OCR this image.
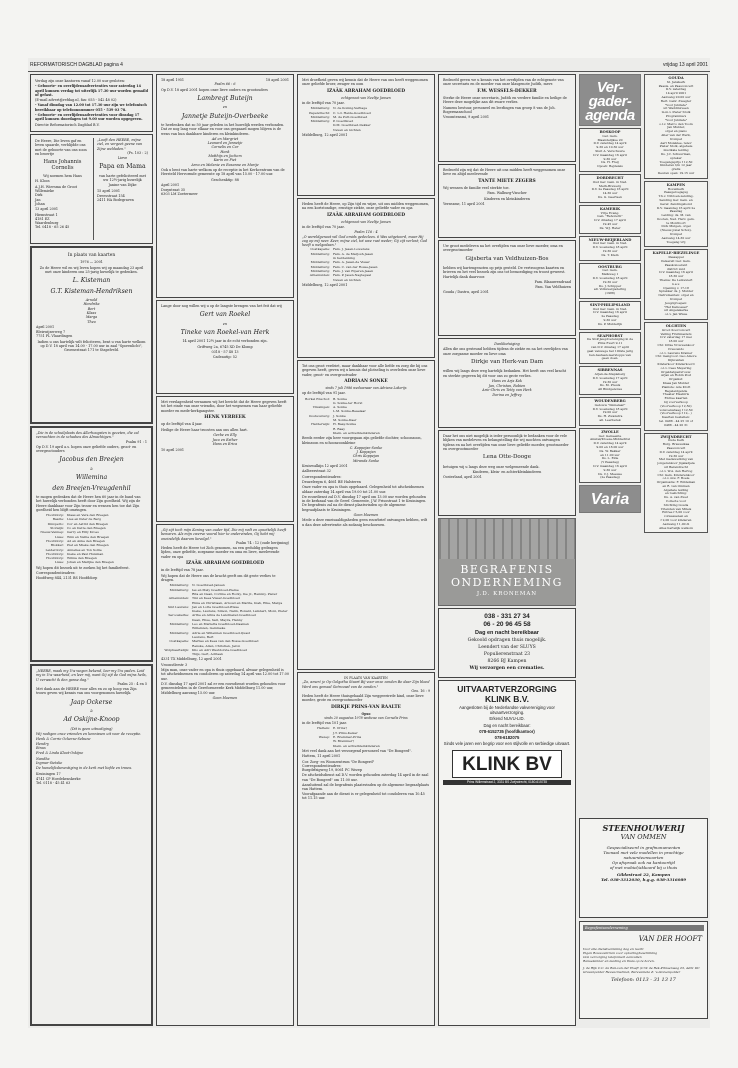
REFORMATORISCH DAGBLAD pagina 4	vrijdag 13 april 2001
Verdag zijn onze kantoren vanaf 12.00 uur gesloten:
- Geboorte- en overlijdensadvertenties voor zaterdag 14 april kunnen verdag tot uiterlijk 17.30 uur worden gemaild of gefaxt.
(E-mail advert@refdag.nl, fax: 055 - 542 48 02)
- Vanaf dinsdag van 12.00 tot 17.30 uur zijn we telefonisch bereikbaar op telefoonnummer 055 - 539 03 78.
- Geboorte- en overlijdensadvertenties voor dinsdag 17 april kunnen doordagen tot 9.00 uur worden opgegeven.
Directie Reformatorisch Dagblad B.V.
De Heere, Die leven gaf en leven spaarde, verblijdde ons met de geboorte van ons zoon en broertje
Hans Johannis Cornelis
Wij noemen hem Hans
H. Kloos
A.J.H. Wiersma de Groot
Willemieke
Dirk
Jan
Johan
13 april 2001
Hiemstraat 1
4181 EZ
Waardenburg
Tel. 0418 - 65 26 45
„Looft den HEERE, mijne ziel, en vergeet geene van Zijne weldaden."
(Ps. 103 : 2)
Lieve
Papa en Mama
van harte gefeliciteerd met uw 12½-jarig huwelijk
Janine van Dijke
15 april 2001
Dreesstraat 154
2411 HA Bodegraven
In plaats van kaarten
1976 — 2001
Zo de Heere wil en wij leven hopen wij op maandag 23 april met onze kinderen ons 25-jarig huwelijk te gedenken.
L. Kisteman
G.T. Kisteman-Hendriksen
Arnold
Hendrika
Bert
Klaas
Marga
Theo
April 2001
Bleiswijzerweg 7
7751 PL Vlaardingen
Indien u ons hartelijk wilt feliciteren, bent u van harte welkom op D.V. 18 april van 14.00 - 17.00 uur in zaal "Sporenlicht", Groenestraat 171 te Stapelveld.
„Die in de schuilplaats des Allerhoogsten is gezeten, die zal vernachten in de schaduw des Almachtigen."
Psalm 91 : 1
Op D.V. 19 april a.s. hopen onze geliefde ouders, groot- en overgrootouders
Jacobus den Breejen
&
Willemina
den Breejen-Vreugdenhil
te mogen gedenken dat de Heere hen 60 jaar in de band van het huwelijk verbonden heeft door Zijn goedheid. Wij zijn de Heere dankbaar voor Zijn trouw en wensen hen toe dat Zijn goedheid hen blijft omringen.
Hoofddorp: Klaas en Vera den Breejen
Baarle: Lies en Peter de Berg
Dinxperlo: Cor en Astrid den Breejen
Stolwijk: Co en Dette den Breejen
Nieuw-Vennep: Gerry en Ellly Kroes
Lisse: Wim en Nellie den Breejen
Hoofddorp: Ad en Anke den Breejen
Blokker: Piet en Mieke den Breejen
Leiderdorp: Annelies en Ton Sollie
Hoofddorp: Ineke en Paul Huisman
Hoofddorp: Wilma den Breejen
Lisse: Johan en Marijke den Breejen
Wij hopen dit bezoek uit te zoeken bij het familiefeest.
Correspondentieadres:
Hoofdweg 844, 2131 BS Hoofddorp
„NEERE, maak my Uw wegen bekend, leer my Uw paden. Leid my in Uw waarheid, en leer mij, want Gij zijt de God mijns heils, U verwacht ik den ganse dag."
Psalm 25 : 4 en 5
Met dank aan de HEERE voor alles en zo op hoop van Zijn trouw geven wij kennis van ons voorgenomen huwelijk.
Jaap Ockerse
&
Ad Oskijne-Knoop
(Dit is geen uitnodiging)
Wij nodigen onze vrienden en kennissen uit voor de receptie.
Henk & Corrie Ockerse-Sebune
Hendry
Rinus
Fred & Linda Kloot-Oskijne
Nandha
Ingmar-Sietske
De huwelijksbevestiging in de kerk met liefde en trouw.
Kruiningen 17
4741 CP Hoedekenskerke
Tel. 0118 - 45 41 63
18 april 1951	18 april 2001
Psalm 66 : 6
Op D.V. 18 april 2001 hopen onze lieve ouders en grootouders
Lambregt Buteijn
en
Jannetje Buteijn-Overbeeke
te herdenken dat zo 50 jaar geleden in het huwelijk werden verbonden. Dat ze nog lang voor elkaar en voor ons gespaard mogen blijven is de wens van hun dankbare kinderen en kleinkinderen.
Ad en Margriet
Leonard en Jannetje
Cornelis en Cor
Henk
Matthijs en Jochem
Karin en Piet
Arno en Melanie en Roxanne en Marije
Ook u bent van harte welkom op de receptie in het Kerkcentrum van de Hersteld Hervormde gemeente op 18 april van 15.00 - 17.00 uur.
Geschenktip: 88
April 2001
Dorpstraat 35
6303 LM Zoetermeer
Lange door nog willen wij u op de langste brengen van het feit dat wij
Gert van Roekel
en
Tineke van Roekel-van Herk
14 april 2001 12½ jaar in de echt verbonden zijn.
Griftweg 2a, 6745 XD De Klomp
0318 - 57 48 13
Cadeautip: 52
Met verslagenheid vernamen wij het bericht dat de Heere gegeven heeft tot het einde van onze vriendin, door het wegnemen van haar geliefde moeder en mede-kerkgangster.
HENK VERBEEK
op de leeftijd van 4 jaar.
Heilige de Heere haar troosten aan ons allen hart.
Gerbe en Elly
Jaco en Esther
Hans en Erica
10 april 2001
„Gij zijt toch mijn Koning van ouder tijd, Die mij redt en opzettelijk heeft bewaren. Als mijn zwerve vooral hier te ondervinden, Gij hebt mij oneindelijk daarom bevolgd."
Psalm 74 : 12 (oude berijming)
Heden heeft de Heere tot Zich genomen, na een geduldig gedragen lijden, onze geliefde, zorgzame moeder en oma en lieve, meelevende vader en opa
IZAÄK ABRAHAM GOEDBLOED
in de leeftijd van 78 jaar.
Wij hopen dat de Heere ons de kracht geeft om dit grote verlies te dragen.
Middelburg: N. Goedbloed-Jansen
Middelburg: Ies en Mely Goedbloed-Pieme
Rita en Dean, Corline en Rocky, Ine jr., Hennny, Pieter
Arnemuiden: Tini en Kees Visser-Goedbloed
Elma en Christiaan, Arnoud en Marita, Inah, Elke, Marga
Sint Laurens: Jan en Lotte Goedbloed-Wisse
Ineke, Laurens, Simon, Nalin, Ronald, Lambert, Moni, Pieter
Serooskerke: Arthe en Arina de Landmeter-Goedbloed
Dean, Elise, Sari, Mayra, Hanny
Middelburg: Leo en Marietta Goedbloed-Daamen
Willemien, Gemmeke
Middelburg: Adrie en Willemien Goedbloed-Quast
Laurens, Bert
Oostkapelle: Marlies en Kees van den Bosse-Goedbloed
Renske, Allen, Christien, Jaron
Wolphaartsdijk: Klio en Adri Westdorste-Goedbloed
Thijs, Gert, Adriaan
4331 TX Middelburg, 12 april 2001
Vroonstlerstr 3
Mijn man, onze vader en opa is thuis opgebaard, alwaar gelegenheid is tot afscheidnemen en condoleren op zaterdag 14 april van 12.00 tot 17.00 uur.
D.V. dinsdag 17 april 2001 zal er een rouwdienst worden gehouden voor gemeenteleden in de Gereformeerde Kerk Middelburg 11.00 uur, Middelburg aanvang 15.00 uur.
Geen bloemen
Met droefheid geven wij kennis dat de Heere van ons heeft weggenomen onze geliefde broer, zwager en oom
IZAÄK ABRAHAM GOEDBLOED
echtgenoot van Neeltje Jansen
in de leeftijd van 70 jaar.
Middelburg: N. de Koning-Verhage
Papendrecht: C. v.d. Heide-Goedbloed
Middelburg: M. de Putt-Goedbloed
Middelburg: P. Goedbloed
D.M. Goedbloed-Dekker
Neven en nichten
Middelburg, 12 april 2001
Heden heeft de Heere, op Zijn tijd en wijze, uit ons midden weggenomen, na een kortstondige, ernstige ziekte, onze geliefde vader en opa
IZAÄK ABRAHAM GOEDBLOED
echtgenoot van Neeltje Jansen
in de leeftijd van 70 jaar.
Psalm 116 : 4
„O wereldgenoot wil God emids gedeclees. 6 Was uitgeteerd, maar Hij zag op mij neer. Keer, mijne ziel, tot uwe rust weder; Gij zijt verlost; God heeft u welgedaan."
Oostkapelle: Fam. J. Jasen-Lowerens
Middelburg: Fam. A. de Marjosh-Jasen
in herdenking
Middelburg: Fam. A. Jasen-de Visser
Middelburg: Fam. C. van der Rosse-Jasen
Middelburg: Fam. J. van Elperen-Jasen
Arnemuiden: Fam. P. Jasen-Nagtegaal
Neven en nichten
Middelburg, 12 april 2001
Tot ons groot verdriet, maar dankbaar voor alle liefde en zorg die hij ons gegeven heeft, geven wij u kennis dat plotseling is overleden onze lieve vader, groot- en overgrootvader
ADRIAAN SONKE
sinds 7 juli 1986 weduwnaar van Adriana Lokerijs
op de leeftijd van 91 jaar.
Borkel Enschot: B. Sonke
G. Sonke-ter Horst
Vlissingen: A. Sonke
L.M. Sonke-Beaelaar
Oostsouburg: J. Sonke
M. Sonke-Daer
Harderwijk: H. Baay-Sonke
R. Baay
Klein- en achterkleinkinderen
Beeds eerder zijn heer voorgegaan zijn geliefde dochter, schoonzoon, kleinzoon en schoonzoonkleine
C. Koppejan-Sonke
J. Koppejan
Chris Koppejan
Miranda Sonke
Kruiswalkijn 12 april 2001
Aalbeerstraat 32
Correspondentieadres:
Deuzelergm 6, 4661 BE Halsteren
Onze vader en opa is thuis opgebaard. Gelegenheid tot afscheidnemen aldaar zaterdag 14 april van 19.00 tot 21.00 uur.
De rouwdienst zal D.V. dinsdag 17 april om 13.00 uur worden gehouden in de kerkzaal van de Geref. Gemeente, J.W. Frisostraat 1 te Kruiningen.
De begrafenis zal na de dienst plaatsvinden op de algemene begraafplaats te Kruiningen.
Geen bloemen
Mede u deze emeisaaldigaheden geen rouwbrief ontvangen hebben, wilt u dan deze advertentie als zodanig beschouwen.
IN PLAATS VAN KAARTEN
„Zo, amen! je Op Golgotha Staart Bij voor onze zonden Be daar Zijn bloed Werd ons gemaal Getrouwd van de zonden."
Geo. 16 : 9
Heden heeft de Heere thuisgehaald Zijn weggeerirrde kind, onze lieve moeder, grote en overgrootmoeder
DIRKJE PRINS-VAN RAALTE
Opso
sinds 20 augustus 1978 weduwe van Cornelis Prins
in de leeftijd van 101 jaar.
Hattem: E. Prins†
J.T. Prins-Keizer
Wezep: E. Bremmer-Prins
W. Bremmer†
Klein- en achterkleinkinderen
Met veel dank aan het verzorgend personeel van "De Bongerd".
Hattem, 11 april 2001
Cor. Zorg- en Woonzentrum "De Bongerd"
Correspondentieadres:
Burgdrfzigweg 19, 8061 PC Wezep
De afscheidsdienst zal D.V. worden gehouden zaterdag 14 april in de zaal van "De Bongerd" om 11.00 uur.
Aansluitend zal de begrafenis plaatsvinden op de algemene begraafplaats van Hattem.
Voorafgaande aan de dienst is er gelegenheid tot condoleren van 10.45 tot 11.15 uur.
Bedroefd geven we u kennis van het overlijden van de echtgenote van onze secretaris en de moeder van onze klasgenote Judith, mevr.
F.W. WESSELS-DEKKER
Sterke de Heere onze secretaris, Judith en verdere familie en heilige de Heere deze mogelijke aan dit zware verlies.
Namens bestuur, personeel en leerlingen van groep 8 van de Joh. Bogermanschool
Vroomtensmi, 9 april 2001
Bedroefd zijn wij dat de Heere uit ons midden heeft weggenomen onze lieve en altijd meelevende
TANTE MIETE ZEGERS
Wij wensen de familie veel sterkte toe.
Fam. Walburg-Visscher
Kinderen en kleinkinderen
Yerseame, 11 april 2001
Uw groot medeleven na het overlijden van onze lieve moeder, oma en overgrootmoeder
Gijsberta van Veldhuizen-Bos
hebben wij hartengenoten op prijs gesteld. De vertroogens kaarten en brieven en het veel bezoek zijn ons tot bemoediging en troost geweest. Hartelijk dank daarvoor.
Fam. Blaauwendraad
Fam. Van Veldhuizen
Gouda / Dastru, april 2001
Dankbetuiging
Allen die ons gesteund hebben tijdens de ziekte en na het overlijden van onze zorgzame moeder en lieve oma
Dirkje van Herk-van Dam
willen wij langs deze weg hartelijk bedanken. Het heeft ons veel kracht en sterkte gegeven bij dit voor ons zo grote verlies.
Hans en Arja Kok
Jan, Christan, Robien
Arie-Chris en Tetty van Herk
Dorina en Jeffrey
Daar het ons niet mogelijk is ieder persoonlijk te bedanken voor de vele blijken van medeleven en belangstelling die wij mochten ontvangen tijdens en na het overlijden van onze lieve geliefde moeder, grootmoeder en overgrootmoeder
Lena Otte-Dooge
betuigen wij u langs deze weg onze welgemeende dank.
Kinderen, klein- en achterkleinkinderen
Oosterland, april 2001
BEGRAFENIS
ONDERNEMING
J.D. KRONEMAN
038 - 331 27 34
06 - 20 96 45 58
Dag en nacht bereikbaar
Gekoold opdragen thuis mogelijk.
Leendert van der SLUYS
Populierenstraat 23
8266 BJ Kampen
Wij verzorgen een crematies.
UITVAARTVERZORGING
KLINK B.V.
Aangesloten bij de Nederlandse vakvereniging voor uitvaartverzorging.
Erkend NUVU-LID.
Dag en nacht bereikbaar:
078-6152735 (hoofdkantoor)
078-6182075
Sinds vele jaren een begrip voor een stijlvolle en serbiedige uitvaart.
KLINK BV
Prins Willemstraat 2, 3331 BS Zwijndrecht, 0180-615735
Ver-
gader-
agenda
BOSKOOP
Ger. Gem.
Maandelijkse 20
D.V. zaterdag 14 april
9.30 en 10.30 uur
Sluit A. Verschuure
D.V. maandag 16 april
9.30 uur
Ds. H. Freij
Opoeh: Bejdeleis
DORDRECHT
Oud Ger. Gem. in Ned.
Merk-Brewerg
D.V. 2e Paasdag 16 april
14.30 uur
Ds. G. Geertsen
KAMERIK
Vrije Evang.
Geb. "Rehoboth"
D.V. dinsdag 17 april
19.45 uur
Ds. W.J. Heter
NIEUW-BEIJERLAND
Oud Ger. Gem. in Ned.
D.V. woensdag 18 april
19.30 uur
Ds. T. Klein
OOSTBURG
Ger. Gem.
Melkweg 1
D.V. woensdag 18 april
19.30 uur
Ds. J. Schipper
all. Volksvergadering
(1988)
SINT-PHILIPSLAND
Oud Ger. Gem. in Ned.
D.V. maandag 16 april
2e Paasdag
9.30 uur
Ds. P. Mulderijk
SEAPHORST
De SGP-Jeugdvereniging in de
Prins Evert 9-11
van D.V. dinsdag 17 april
gaat vanwege het 100ste jarig
ben-bestaan-leerstopps van
geen doen.
SIBRENNAS
Arjan-de-Stapleberg
D.V. woensdag 17 april
19.30 uur
Ds. M. Preuls
All Bindgenotes
WOUDENBERG
Gebouw "Immelaar"
D.V. woensdag 18 april
19.00 uur
Ds. H. Zwanstra
all. Leerberek
ZWOLLE
Ger. Gemeente
Amstel/Kroeze-Middachtsl
D.V. zaterdag 14 april
9.00 en 18.00 uur
Ds. W. Bakker
en 11.00 uur
Ds. L. Elde
(Y Paasdag)
D.V. maandag 16 april
9.30 uur
Ds. C.J. Meeuse
(2e Paasdag)
Varia
GOUDA
St. Janskerk
Paasis- en Paasconcert
D.V. zaterdag
14 april 2001
Aanvang 20.00 uur
Bert. Gebr. Zwagter
"Voor Jubilate"
uit Waddinxveen
m.m.v. Pieter Stolk
Programma's
"Voor Jubilate"
o.l.v. Marco den Toom
Jan Mulder,
orgel en piano
Aller van der Werk,
trompet
Aart Moleklee, tenor
Pieter Stolk, algehele
muzikale leiding
Ds. J.C. Schuurman,
spreker
Toegangsprijs f 12,50
Kinderen t/m 12 jaar
gratis
Deuren open: 19.15 uur
KAMPEN
Bovenkerk
Paasgeroejagsg
T.h.v. Nibroen-zending,
Sending Ger. Gem. en
Geref. Zendingsbond
D.V. maandag 16 april 2e
Paasdag
Leiding: ds. M. van
Kooten, Ned. Herv. gem.
te Montfoort
Dick Mulgen, orgel
(Nieuw-Jonal Schol),
trompet
Aanvang 14.30 uur
Toegang vrij
KAPELLE-BIEZELINGE
Paasappel
Pelserelt Ger. Gem.
Paaskonoerent
district zuid
D.V. maandag 16 april
18.30 uur
Thema: De Lenteviert
n.a.v.
Opening v. 17-18
Sprekker ds. J. Mulder
Instrumenten: orgel en
trompet
Jeugdgroepen:
"Het Kamoesel"
uit Angelekerke
o.l.v. Jan Wisse
OLCHTEN
Groot Koorconcert
Veiling Fruitmasters
D.V. zaterdag 17 mei
18.00 uur
Chr. Uitke Vrouwenkoor
Crescendo
o.l.v. Laurens Kramer
Chr. mengvoor. Geo Amore
Dijkvelden
Kinderkoor Kinderkoord
o.l.v. Cees Meyering
Orgeldatgastvrouw:
Arjan en Robin Post
Organist:
Klaas Jan Mulder
Pianiste: Ade Kroft
Begeleidgende
Theater Elsehiris
Entree kaarten
bij voorverkoop
(Voorverkoop f 2,50)
voiwoensdaag f 12,50
(Voorverkoop f 12,- )
Kaarten bestellen:
tel. 0488 - 44 25 10 of
0488 - 44 20 31
ZWIJNDRECHT
Oude Kerk
Burg. Brauusikaa
Paasconcert
D.V. zaterdag 14 april
19.30 uur
Met medewerking van
jongerenkoor Jigaladjela
uit Barendrecht
o.l.v. W.A. den Hertog
Chr. Gem. Kinderenkoor
o.l.v. mw. F. Boele
Organisatie: F. Wildeman
en R. van Ommen
Algehele leiding
en toelichting:
Ds. A. van Zwet
Collecte voor
Stichting Gouda
Vrienden van Mileis
Entree f 5,00 voor
volwassenen en
f 2,00 voor kinderen
Aanvang f 1,00 di
Alles hartelijk welkom
STEENHOUWERIJ
VAN OMMEN
Gespecialiseerd in grafmonumenten
Toonaal met vele modellen in prachtige natuursteensoorten
Op afspraak ook na kantoortijd
of met mobiel/akkoord bij u thuis
Gildestraat 22, Kampen
Tel. 038-3312030, b.g.g. 038-3316089
Begrafenisonderneming
VAN DER HOOFT
Voor alle dienstverlening dag en nacht
Eigen Rouwcentrum voor opbaring/beschilklng
Ook verzorging telefonisch aanvullen
Renseleinner en leading en thuis op te horen.
J. de Rijk C.C. de Rek-van der Hoeft (C.W. de Rek-Prinsenweg 23, 4431 DC Gravenpolder Reuvecrsstraat, Bereveniete Z. 's-Gravenpolder
Telefoon: 0113 - 31 13 17
